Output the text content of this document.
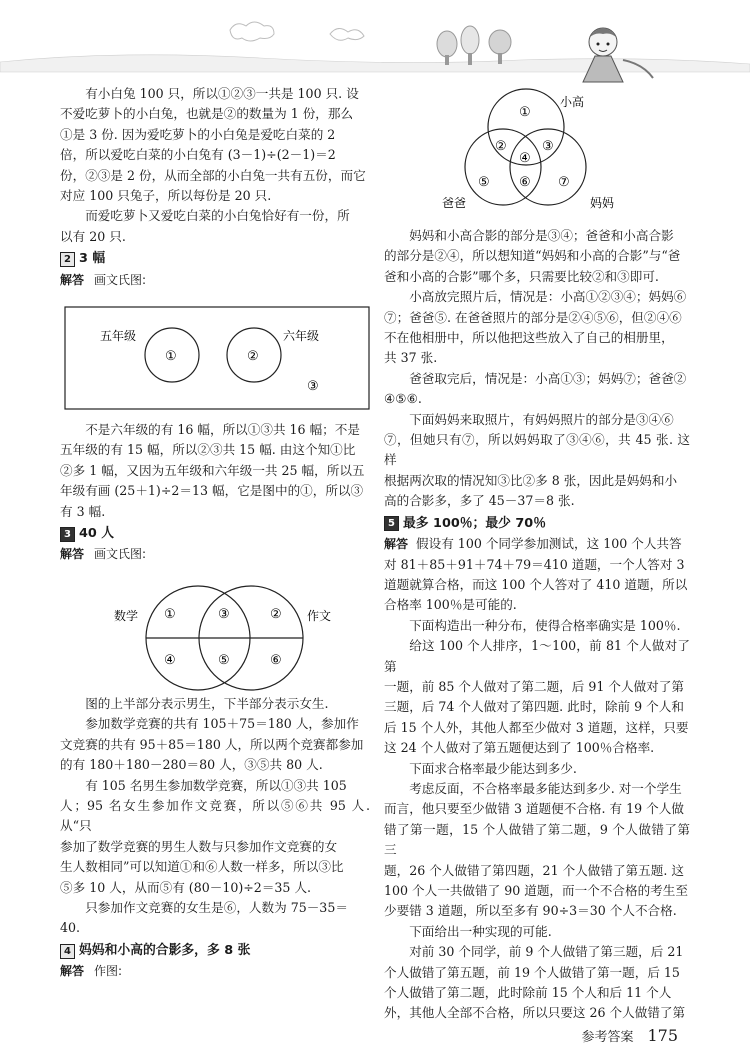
有小白兔 100 只，所以①②③一共是 100 只. 设

不爱吃萝卜的小白兔，也就是②的数量为 1 份，那么

①是 3 份. 因为爱吃萝卜的小白兔是爱吃白菜的 2

倍，所以爱吃白菜的小白兔有 (3－1)÷(2－1)＝2

份，②③是 2 份，从而全部的小白兔一共有五份，而它

对应 100 只兔子，所以每份是 20 只.

而爱吃萝卜又爱吃白菜的小白兔恰好有一份，所

以有 20 只.

2 3 幅

解答 画文氏图:

五年级	六年级
①	②
③

不是六年级的有 16 幅，所以①③共 16 幅；不是

五年级的有 15 幅，所以②③共 15 幅. 由这个知①比

②多 1 幅，又因为五年级和六年级一共 25 幅，所以五

年级有画 (25＋1)÷2＝13 幅，它是图中的①，所以③

有 3 幅.

3 40 人

解答 画文氏图:

数学	作文
①	③	②
④	⑤	⑥

图的上半部分表示男生，下半部分表示女生.

参加数学竞赛的共有 105＋75＝180 人，参加作

文竞赛的共有 95＋85＝180 人，所以两个竞赛都参加

的有 180＋180－280＝80 人，③⑤共 80 人.

有 105 名男生参加数学竞赛，所以①③共 105

人；95 名女生参加作文竞赛，所以⑤⑥共 95 人. 从“只

参加了数学竞赛的男生人数与只参加作文竞赛的女

生人数相同”可以知道①和⑥人数一样多，所以③比

⑤多 10 人，从而⑤有 (80－10)÷2＝35 人.

只参加作文竞赛的女生是⑥，人数为 75－35＝

40.

4 妈妈和小高的合影多，多 8 张

解答 作图:

小高
爸爸	妈妈
①
②	③
④
⑤ ⑥ ⑦

妈妈和小高合影的部分是③④；爸爸和小高合影

的部分是②④，所以想知道“妈妈和小高的合影”与“爸

爸和小高的合影”哪个多，只需要比较②和③即可.

小高放完照片后，情况是：小高①②③④；妈妈⑥

⑦；爸爸⑤. 在爸爸照片的部分是②④⑤⑥，但②④⑥

不在他相册中，所以他把这些放入了自己的相册里，

共 37 张.

爸爸取完后，情况是：小高①③；妈妈⑦；爸爸②

④⑤⑥.

下面妈妈来取照片，有妈妈照片的部分是③④⑥

⑦，但她只有⑦，所以妈妈取了③④⑥，共 45 张. 这样

根据两次取的情况知③比②多 8 张，因此是妈妈和小

高的合影多，多了 45－37＝8 张.

5 最多 100％；最少 70％

解答 假设有 100 个同学参加测试，这 100 个人共答

对 81＋85＋91＋74＋79＝410 道题，一个人答对 3

道题就算合格，而这 100 个人答对了 410 道题，所以

合格率 100％是可能的.

下面构造出一种分布，使得合格率确实是 100％.

给这 100 个人排序，1～100，前 81 个人做对了第

一题，前 85 个人做对了第二题，后 91 个人做对了第

三题，后 74 个人做对了第四题. 此时，除前 9 个人和

后 15 个人外，其他人都至少做对 3 道题，这样，只要

这 24 个人做对了第五题便达到了 100％合格率.

下面求合格率最少能达到多少.

考虑反面，不合格率最多能达到多少. 对一个学生

而言，他只要至少做错 3 道题便不合格. 有 19 个人做

错了第一题，15 个人做错了第二题，9 个人做错了第三

题，26 个人做错了第四题，21 个人做错了第五题. 这

100 个人一共做错了 90 道题，而一个不合格的考生至

少要错 3 道题，所以至多有 90÷3＝30 个人不合格.

下面给出一种实现的可能.

对前 30 个同学，前 9 个人做错了第三题，后 21

个人做错了第五题，前 19 个人做错了第一题，后 15

个人做错了第二题，此时除前 15 个人和后 11 个人

外，其他人全部不合格，所以只要这 26 个人做错了第

参考答案 175
